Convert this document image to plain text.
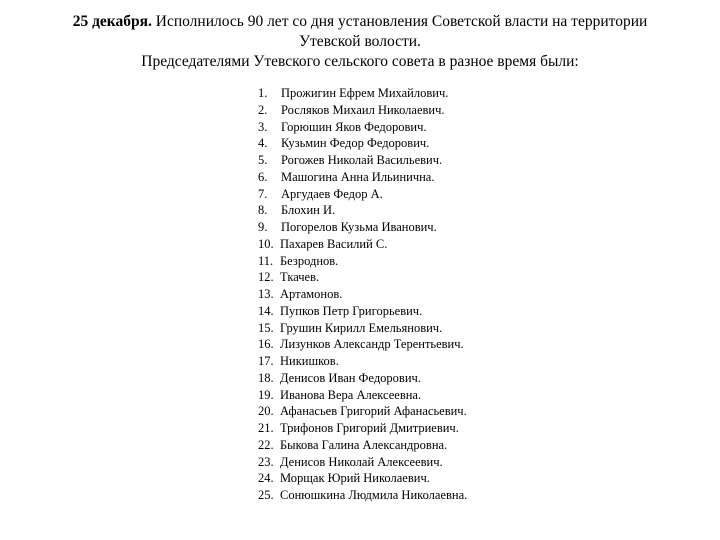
25 декабря. Исполнилось 90 лет со дня установления Советской власти на территории
Утевской волости.
Председателями Утевского сельского совета в разное время были:
1.	Прожигин Ефрем Михайлович.
2.	Росляков Михаил Николаевич.
3.	Горюшин Яков Федорович.
4.	Кузьмин Федор Федорович.
5.	Рогожев Николай Васильевич.
6.	Машогина Анна Ильинична.
7.	Аргудаев Федор А.
8.	Блохин И.
9.	Погорелов Кузьма Иванович.
10. Пахарев Василий С.
11. Безроднов.
12. Ткачев.
13. Артамонов.
14. Пупков Петр Григорьевич.
15. Грушин Кирилл Емельянович.
16. Лизунков Александр Терентьевич.
17. Никишков.
18. Денисов Иван Федорович.
19. Иванова Вера Алексеевна.
20. Афанасьев Григорий Афанасьевич.
21. Трифонов Григорий Дмитриевич.
22. Быкова Галина Александровна.
23. Денисов Николай Алексеевич.
24. Морщак Юрий Николаевич.
25. Сонюшкина Людмила Николаевна.
